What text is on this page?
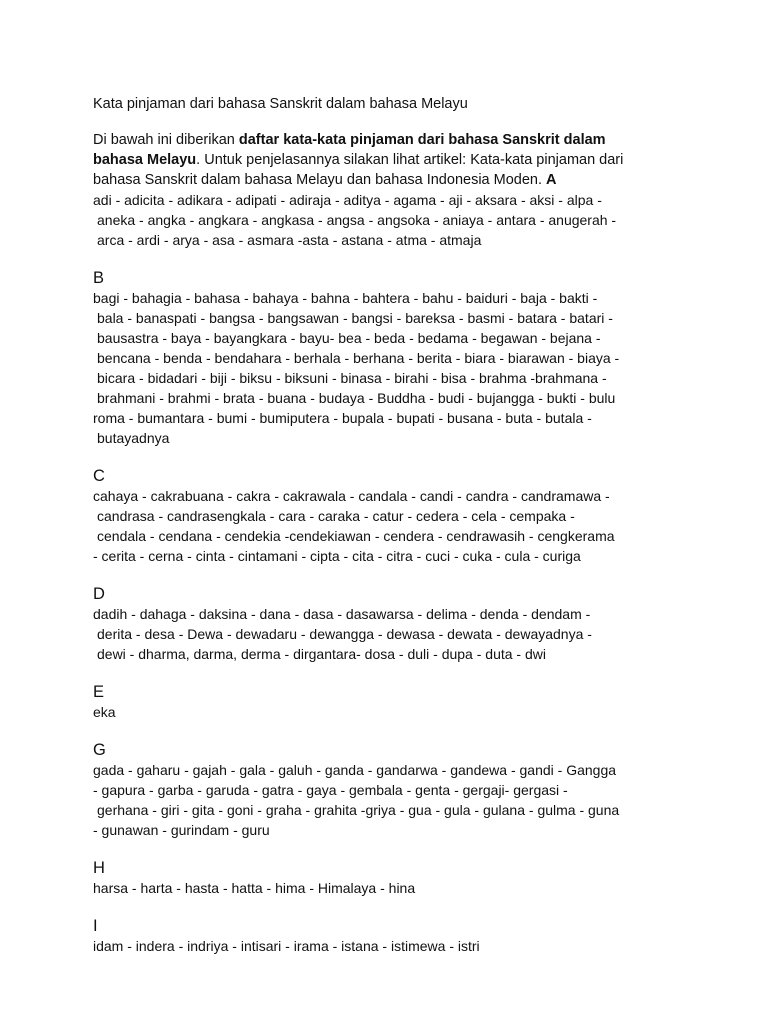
Kata pinjaman dari bahasa Sanskrit dalam bahasa Melayu
Di bawah ini diberikan daftar kata-kata pinjaman dari bahasa Sanskrit dalam
bahasa Melayu. Untuk penjelasannya silakan lihat artikel: Kata-kata pinjaman dari
bahasa Sanskrit dalam bahasa Melayu dan bahasa Indonesia Moden. A
adi - adicita - adikara - adipati - adiraja - aditya - agama - aji - aksara - aksi - alpa -
aneka - angka - angkara - angkasa - angsa - angsoka - aniaya - antara - anugerah -
arca - ardi - arya - asa - asmara -asta - astana - atma - atmaja
B
bagi - bahagia - bahasa - bahaya - bahna - bahtera - bahu - baiduri - baja - bakti -
bala - banaspati - bangsa - bangsawan - bangsi - bareksa - basmi - batara - batari -
bausastra - baya - bayangkara - bayu- bea - beda - bedama - begawan - bejana -
bencana - benda - bendahara - berhala - berhana - berita - biara - biarawan - biaya -
bicara - bidadari - biji - biksu - biksuni - binasa - birahi - bisa - brahma -brahmana -
brahmani - brahmi - brata - buana - budaya - Buddha - budi - bujangga - bukti - bulu
roma - bumantara - bumi - bumiputera - bupala - bupati - busana - buta - butala -
butayadnya
C
cahaya - cakrabuana - cakra - cakrawala - candala - candi - candra - candramawa -
candrasa - candrasengkala - cara - caraka - catur - cedera - cela - cempaka -
cendala - cendana - cendekia -cendekiawan - cendera - cendrawasih - cengkerama
- cerita - cerna - cinta - cintamani - cipta - cita - citra - cuci - cuka - cula - curiga
D
dadih - dahaga - daksina - dana - dasa - dasawarsa - delima - denda - dendam -
derita - desa - Dewa - dewadaru - dewangga - dewasa - dewata - dewayadnya -
dewi - dharma, darma, derma - dirgantara- dosa - duli - dupa - duta - dwi
E
eka
G
gada - gaharu - gajah - gala - galuh - ganda - gandarwa - gandewa - gandi - Gangga
- gapura - garba - garuda - gatra - gaya - gembala - genta - gergaji- gergasi -
gerhana - giri - gita - goni - graha - grahita -griya - gua - gula - gulana - gulma - guna
- gunawan - gurindam - guru
H
harsa - harta - hasta - hatta - hima - Himalaya - hina
I
idam - indera - indriya - intisari - irama - istana - istimewa - istri
